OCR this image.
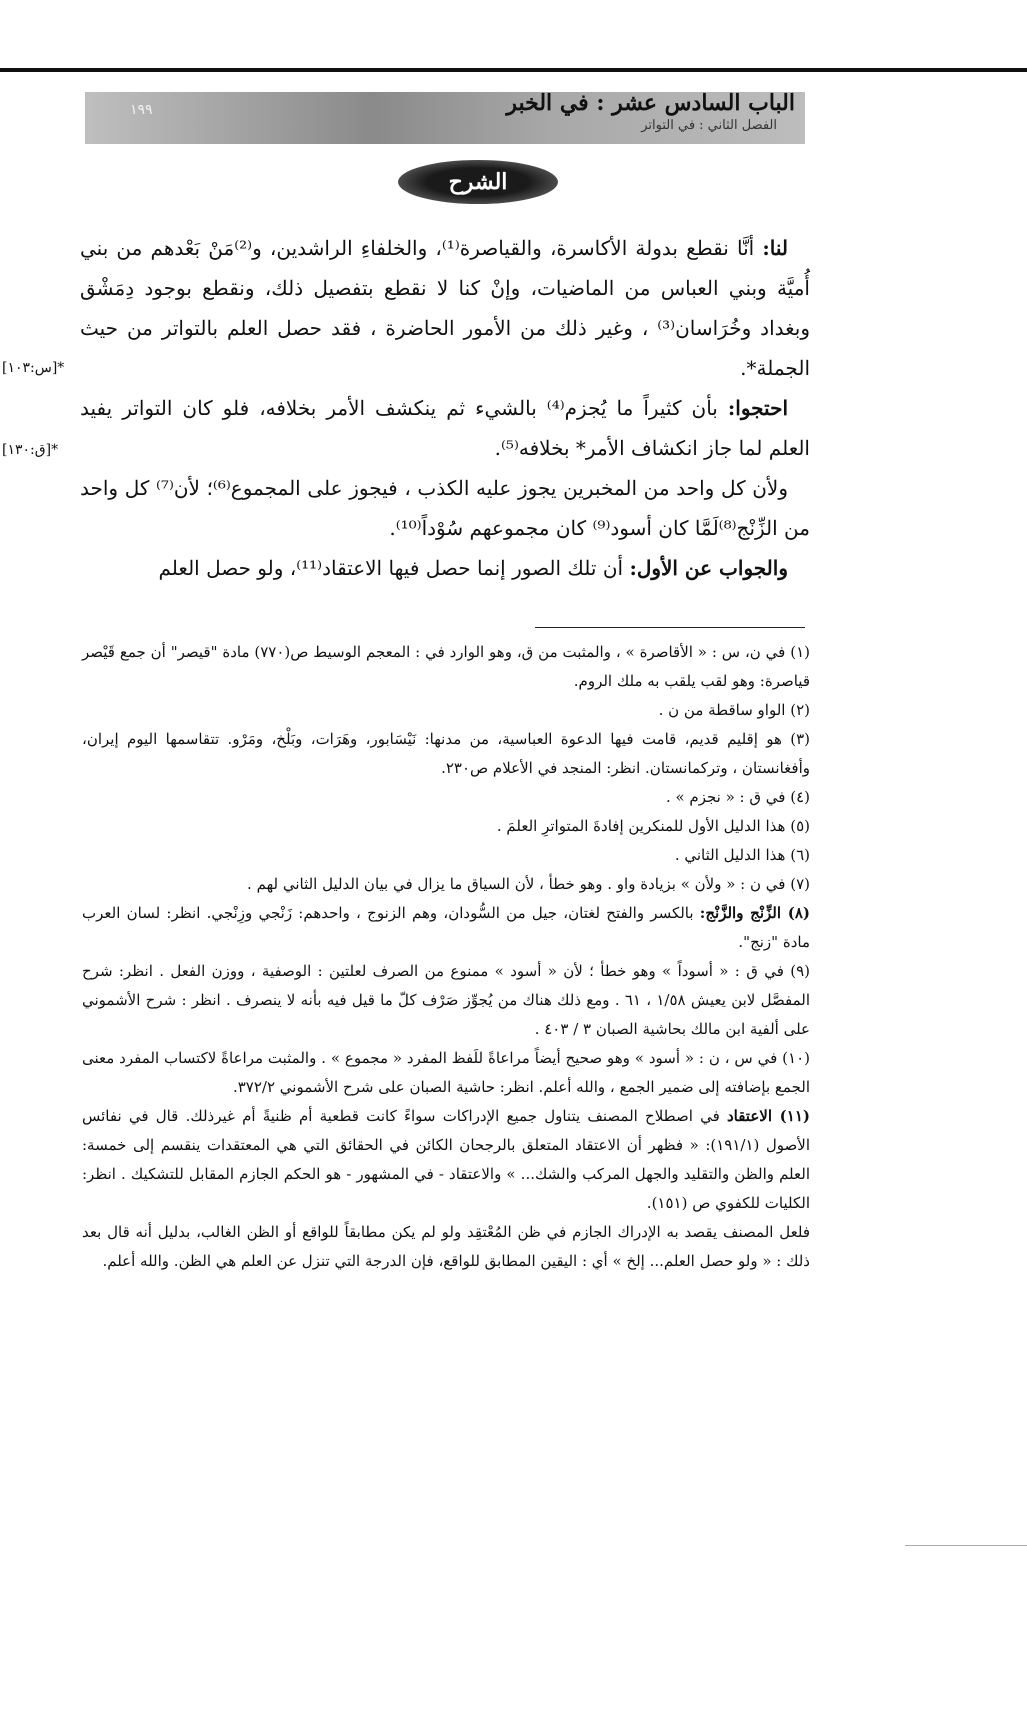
الباب السادس عشر : في الخبر
الفصل الثاني : في التواتر
١٩٩
الشرح
*[س:١٠٣]
*[ق:١٣٠]

لنا: أنَّا نقطع بدولة الأكاسرة، والقياصرة⁽¹⁾، والخلفاءِ الراشدين، و⁽²⁾مَنْ بَعْدهم من بني أُميَّة وبني العباس من الماضيات، وإنْ كنا لا نقطع بتفصيل ذلك، ونقطع بوجود دِمَشْق وبغداد وخُرَاسان⁽³⁾ ، وغير ذلك من الأمور الحاضرة ، فقد حصل العلم بالتواتر من حيث الجملة*.

احتجوا: بأن كثيراً ما يُجزم⁽⁴⁾ بالشيء ثم ينكشف الأمر بخلافه، فلو كان التواتر يفيد العلم لما جاز انكشاف الأمر* بخلافه⁽⁵⁾.

ولأن كل واحد من المخبرين يجوز عليه الكذب ، فيجوز على المجموع⁽⁶⁾؛ لأن⁽⁷⁾ كل واحد من الزِّنْج⁽⁸⁾لَمَّا كان أسود⁽⁹⁾ كان مجموعهم سُوْداً⁽¹⁰⁾.

والجواب عن الأول: أن تلك الصور إنما حصل فيها الاعتقاد⁽¹¹⁾، ولو حصل العلم

(١) في ن، س : « الأقاصرة » ، والمثبت من ق، وهو الوارد في : المعجم الوسيط ص(٧٧٠) مادة "قيصر" أن جمع قَيْصر قياصرة: وهو لقب يلقب به ملك الروم.

(٢) الواو ساقطة من ن .

(٣) هو إقليم قديم، قامت فيها الدعوة العباسية، من مدنها: نَيْسَابور، وهَرَات، وبَلْخ، ومَرْو. تتقاسمها اليوم إيران، وأفغانستان ، وتركمانستان. انظر: المنجد في الأعلام ص٢٣٠.

(٤) في ق : « نجزم » .

(٥) هذا الدليل الأول للمنكرين إفادةَ المتواترِ العلمَ .

(٦) هذا الدليل الثاني .

(٧) في ن : « ولأن » بزيادة واو . وهو خطأ ، لأن السياق ما يزال في بيان الدليل الثاني لهم .

(٨) الزِّنْج والزَّنْج: بالكسر والفتح لغتان، جيل من السُّودان، وهم الزنوج ، واحدهم: زَنْجي وزِنْجي. انظر: لسان العرب مادة "زنج".

(٩) في ق : « أسوداً » وهو خطأ ؛ لأن « أسود » ممنوع من الصرف لعلتين : الوصفية ، ووزن الفعل . انظر: شرح المفصَّل لابن يعيش ١/٥٨ ، ٦١ . ومع ذلك هناك من يُجوِّز صَرْف كلّ ما قيل فيه بأنه لا ينصرف . انظر : شرح الأشموني على ألفية ابن مالك بحاشية الصبان ٣ / ٤٠٣ .

(١٠) في س ، ن : « أسود » وهو صحيح أيضاً مراعاةً للَفظ المفرد « مجموع » . والمثبت مراعاةً لاكتساب المفرد معنى الجمع بإضافته إلى ضمير الجمع ، والله أعلم. انظر: حاشية الصبان على شرح الأشموني ٣٧٢/٢.

(١١) الاعتقاد في اصطلاح المصنف يتناول جميع الإدراكات سواءً كانت قطعية أم ظنيةً أم غيرذلك. قال في نفائس الأصول (١٩١/١): « فظهر أن الاعتقاد المتعلق بالرجحان الكائن في الحقائق التي هي المعتقدات ينقسم إلى خمسة: العلم والظن والتقليد والجهل المركب والشك... » والاعتقاد - في المشهور - هو الحكم الجازم المقابل للتشكيك . انظر: الكليات للكفوي ص (١٥١).

فلعل المصنف يقصد به الإدراك الجازم في ظن المُعْتقِد ولو لم يكن مطابقاً للواقع أو الظن الغالب، بدليل أنه قال بعد ذلك : « ولو حصل العلم... إلخ » أي : اليقين المطابق للواقع، فإن الدرجة التي تنزل عن العلم هي الظن. والله أعلم.
